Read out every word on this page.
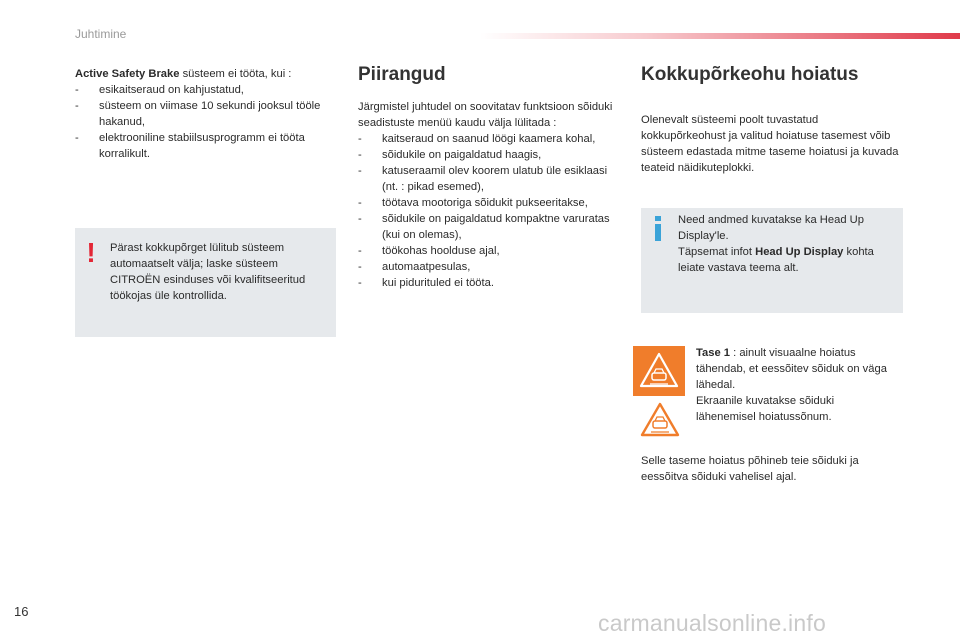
Juhtimine

Active Safety Brake süsteem ei tööta, kui :

- esikaitseraud on kahjustatud,
- süsteem on viimase 10 sekundi jooksul tööle hakanud,
- elektrooniline stabiilsusprogramm ei tööta korralikult.
! Pärast kokkupõrget lülitub süsteem automaatselt välja; laske süsteem CITROËN esinduses või kvalifitseeritud töökojas üle kontrollida.
Piirangud

Järgmistel juhtudel on soovitatav funktsioon sõiduki seadistuste menüü kaudu välja lülitada :

- kaitseraud on saanud löögi kaamera kohal,
- sõidukile on paigaldatud haagis,
- katuseraamil olev koorem ulatub üle esiklaasi (nt. : pikad esemed),
- töötava mootoriga sõidukit pukseeritakse,
- sõidukile on paigaldatud kompaktne varuratas (kui on olemas),
- töökohas hoolduse ajal,
- automaatpesulas,
- kui pidurituled ei tööta.
Kokkupõrkeohu hoiatus

Olenevalt süsteemi poolt tuvastatud kokkupõrkeohust ja valitud hoiatuse tasemest võib süsteem edastada mitme taseme hoiatusi ja kuvada teateid näidikuteplokki.

Need andmed kuvatakse ka Head Up Display'le.

Täpsemat infot Head Up Display kohta leiate vastava teema alt.

Tase 1 : ainult visuaalne hoiatus tähendab, et eessõitev sõiduk on väga lähedal.

Ekraanile kuvatakse sõiduki lähenemisel hoiatussõnum.

Selle taseme hoiatus põhineb teie sõiduki ja eessõitva sõiduki vahelisel ajal.
16	carmanualsonline.info
